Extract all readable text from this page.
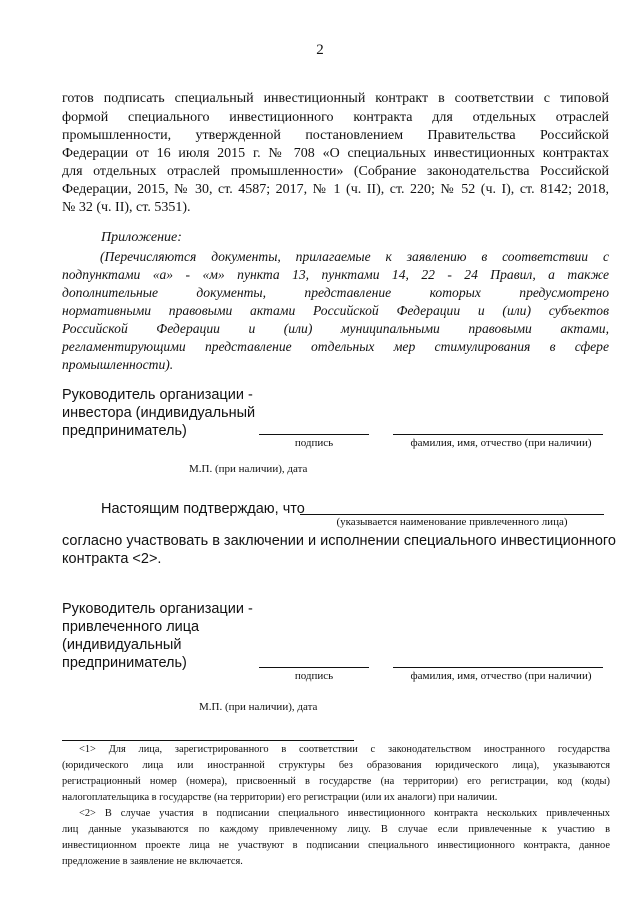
2
готов подписать специальный инвестиционный контракт в соответствии с типовой
формой специального инвестиционного контракта для отдельных отраслей
промышленности, утвержденной постановлением Правительства Российской
Федерации от 16 июля 2015 г. № 708 «О специальных инвестиционных контрактах
для отдельных отраслей промышленности» (Собрание законодательства Российской
Федерации, 2015, № 30, ст. 4587; 2017, № 1 (ч. II), ст. 220; № 52 (ч. I), ст. 8142; 2018,
№ 32 (ч. II), ст. 5351).
Приложение:
(Перечисляются документы, прилагаемые к заявлению в соответствии с
подпунктами «а» - «м» пункта 13, пунктами 14, 22 - 24 Правил, а также
дополнительные документы, представление которых предусмотрено
нормативными правовыми актами Российской Федерации и (или) субъектов
Российской Федерации и (или) муниципальными правовыми актами,
регламентирующими представление отдельных мер стимулирования в сфере
промышленности).
Руководитель организации -
инвестора (индивидуальный
предприниматель)
подпись	фамилия, имя, отчество (при наличии)
М.П. (при наличии), дата
Настоящим подтверждаю, что
(указывается наименование привлеченного лица)
согласно участвовать в заключении и исполнении специального инвестиционного
контракта <2>.
Руководитель организации -
привлеченного лица
(индивидуальный
предприниматель)
подпись	фамилия, имя, отчество (при наличии)
М.П. (при наличии), дата
<1> Для лица, зарегистрированного в соответствии с законодательством иностранного государства
(юридического лица или иностранной структуры без образования юридического лица), указываются
регистрационный номер (номера), присвоенный в государстве (на территории) его регистрации, код (коды)
налогоплательщика в государстве (на территории) его регистрации (или их аналоги) при наличии.
<2> В случае участия в подписании специального инвестиционного контракта нескольких привлеченных
лиц данные указываются по каждому привлеченному лицу. В случае если привлеченные к участию в
инвестиционном проекте лица не участвуют в подписании специального инвестиционного контракта, данное
предложение в заявление не включается.
